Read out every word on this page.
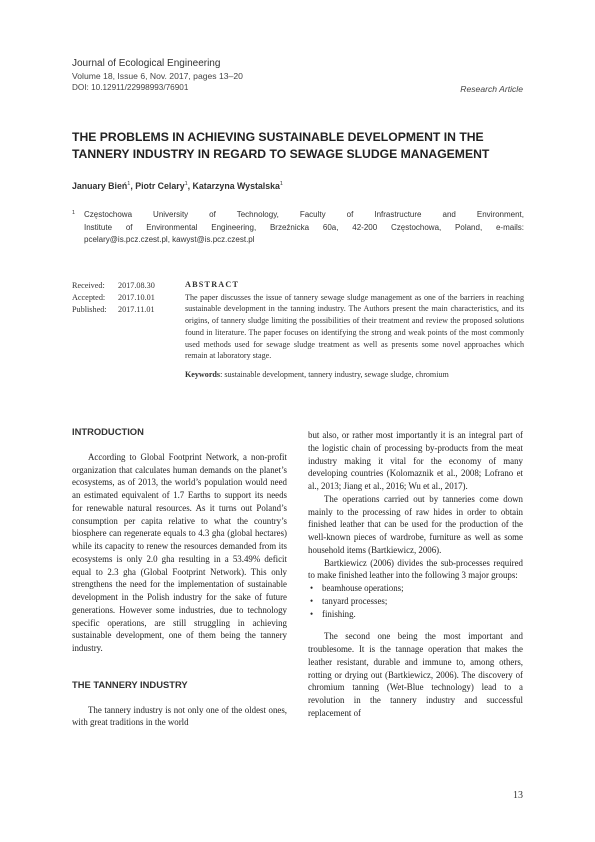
Journal of Ecological Engineering
Volume 18, Issue 6, Nov. 2017, pages 13–20
DOI: 10.12911/22998993/76901	Research Article
THE PROBLEMS IN ACHIEVING SUSTAINABLE DEVELOPMENT IN THE TANNERY INDUSTRY IN REGARD TO SEWAGE SLUDGE MANAGEMENT
January Bień$^1$, Piotr Celary$^1$, Katarzyna Wystalska$^1$
1	Częstochowa University of Technology, Faculty of Infrastructure and Environment,
Institute of Environmental Engineering, Brzeźnicka 60a, 42-200 Częstochowa, Poland, e-mails:
pcelary@is.pcz.czest.pl, kawyst@is.pcz.czest.pl
Received:	2017.08.30
Accepted:	2017.10.01
Published:	2017.11.01
ABSTRACT
The paper discusses the issue of tannery sewage sludge management as one of the barriers in reaching sustainable development in the tanning industry. The Authors present the main characteristics, and its origins, of tannery sludge limiting the possibilities of their treatment and review the proposed solutions found in literature. The paper focuses on identifying the strong and weak points of the most commonly used methods used for sewage sludge treatment as well as presents some novel approaches which remain at laboratory stage.
Keywords: sustainable development, tannery industry, sewage sludge, chromium
INTRODUCTION

According to Global Footprint Network, a non-profit organization that calculates human demands on the planet’s ecosystems, as of 2013, the world’s population would need an estimated equivalent of 1.7 Earths to support its needs for renewable natural resources. As it turns out Poland’s consumption per capita relative to what the country’s biosphere can regenerate equals to 4.3 gha (global hectares) while its capacity to renew the resources demanded from its ecosystems is only 2.0 gha resulting in a 53.49% deficit equal to 2.3 gha (Global Footprint Network). This only strengthens the need for the implementation of sustainable development in the Polish industry for the sake of future generations. However some industries, due to technology specific operations, are still struggling in achieving sustainable development, one of them being the tannery industry.

THE TANNERY INDUSTRY

The tannery industry is not only one of the oldest ones, with great traditions in the world

but also, or rather most importantly it is an integral part of the logistic chain of processing by-products from the meat industry making it vital for the economy of many developing countries (Kolomaznik et al., 2008; Lofrano et al., 2013; Jiang et al., 2016; Wu et al., 2017).

The operations carried out by tanneries come down mainly to the processing of raw hides in order to obtain finished leather that can be used for the production of the well-known pieces of wardrobe, furniture as well as some household items (Bartkiewicz, 2006).

Bartkiewicz (2006) divides the sub-processes required to make finished leather into the following 3 major groups:

• beamhouse operations;
• tanyard processes;
• finishing.

The second one being the most important and troublesome. It is the tannage operation that makes the leather resistant, durable and immune to, among others, rotting or drying out (Bartkiewicz, 2006). The discovery of chromium tanning (Wet-Blue technology) lead to a revolution in the tannery industry and successful replacement of

13
